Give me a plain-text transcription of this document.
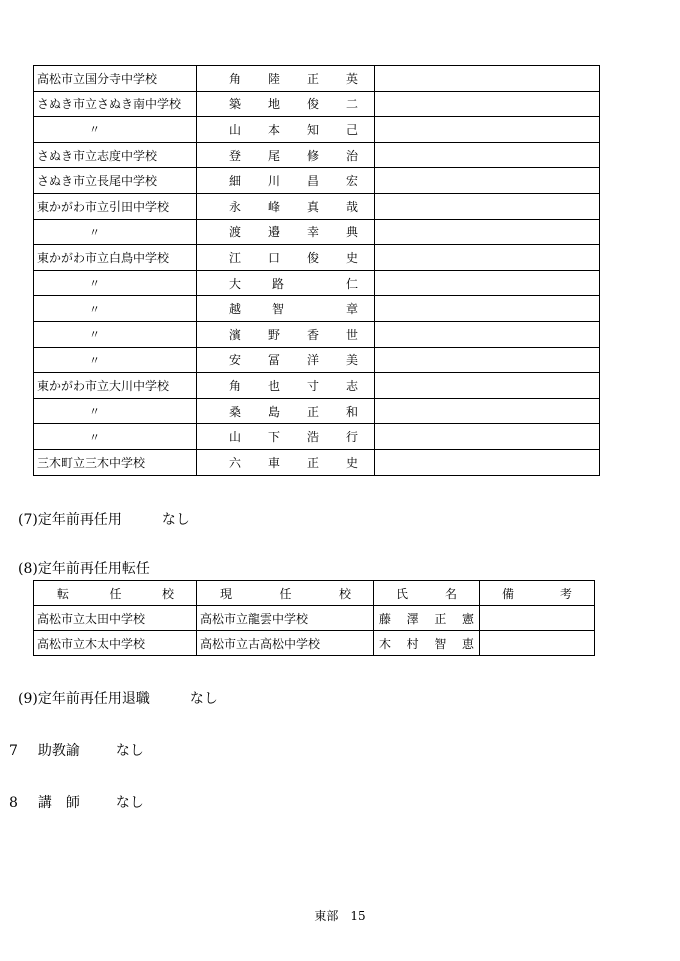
高松市立国分寺中学校	角 陸 正 英	

さぬき市立さぬき南中学校	築 地 俊 二	

〃	山 本 知 己	

さぬき市立志度中学校	登 尾 修 治	

さぬき市立長尾中学校	細 川 昌 宏	

東かがわ市立引田中学校	永 峰 真 哉	

〃	渡 邉 幸 典	

東かがわ市立白鳥中学校	江 口 俊 史	

〃	大 路 仁	

〃	越 智 章	

〃	濱 野 香 世	

〃	安 冨 洋 美	

東かがわ市立大川中学校	角 也 寸 志	

〃	桑 島 正 和	

〃	山 下 浩 行	

三木町立三木中学校	六 車 正 史	

(7)定年前再任用	なし
(8)定年前再任用転任
転 任 校	現 任 校	氏 名	備 考

高松市立太田中学校	高松市立龍雲中学校	藤 澤 正 憲	

高松市立木太中学校	高松市立古高松中学校	木 村 智 恵	

(9)定年前再任用退職	なし
7 助教諭	なし
8 講　師	なし
東部 15
